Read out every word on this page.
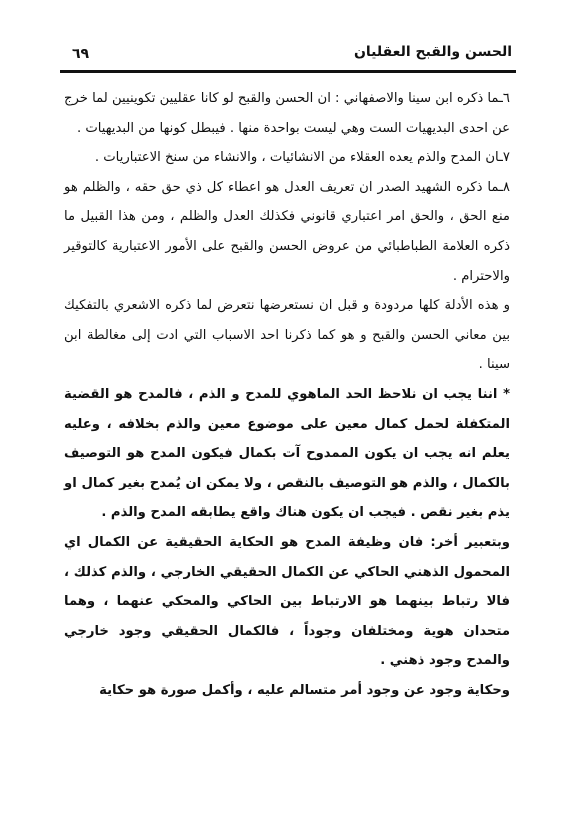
٦٩	الحسن والقبح العقليان

٦ـما ذكره ابن سينا والاصفهاني : ان الحسن والقبح لو كانا عقليين تكوينيين لما خرج عن احدى البديهيات الست وهي ليست بواحدة منها . فيبطل كونها من البديهيات .

٧ـان المدح والذم يعده العقلاء من الانشائيات ، والانشاء من سنخ الاعتباريات .

٨ـما ذكره الشهيد الصدر ان تعريف العدل هو اعطاء كل ذي حق حقه ، والظلم هو منع الحق ، والحق امر اعتباري قانوني فكذلك العدل والظلم ، ومن هذا القبيل ما ذكره العلامة الطباطبائي من عروض الحسن والقبح على الأمور الاعتبارية كالتوقير والاحترام .

و هذه الأدلة كلها مردودة و قبل ان نستعرضها نتعرض لما ذكره الاشعري بالتفكيك بين معاني الحسن والقبح و هو كما ذكرنا احد الاسباب التي ادت إلى مغالطة ابن سينا .

* اننا يجب ان نلاحظ الحد الماهوي للمدح و الذم ، فالمدح هو القضية المتكفلة لحمل كمال معين على موضوع معين والذم بخلافه ، وعليه يعلم انه يجب ان يكون الممدوح آت بكمال فيكون المدح هو التوصيف بالكمال ، والذم هو التوصيف بالنقص ، ولا يمكن ان يُمدح بغير كمال او يذم بغير نقص . فيجب ان يكون هناك واقع يطابقه المدح والذم .

وبتعبير أخر: فان وظيفة المدح هو الحكاية الحقيقية عن الكمال اي المحمول الذهني الحاكي عن الكمال الحقيقي الخارجي ، والذم كذلك ، فالا رتباط بينهما هو الارتباط بين الحاكي والمحكي عنهما ، وهما متحدان هوية ومختلفان وجوداً ، فالكمال الحقيقي وجود خارجي والمدح وجود ذهني .

وحكاية وجود عن وجود أمر متسالم عليه ، وأكمل صورة هو حكاية
